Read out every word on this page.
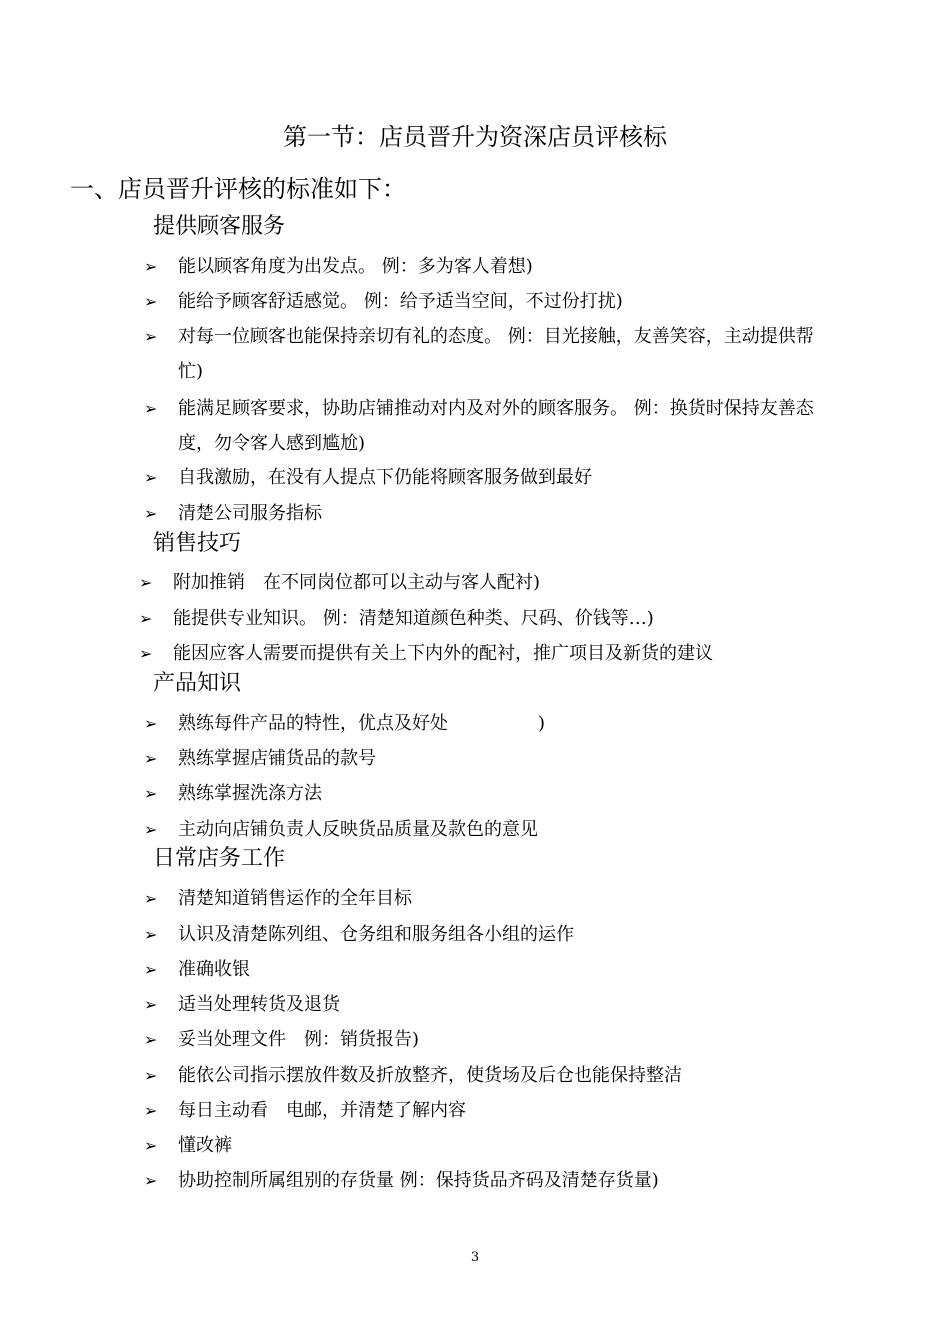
第一节：店员晋升为资深店员评核标
一、店员晋升评核的标准如下：
提供顾客服务
➢ 能以顾客角度为出发点。 例：多为客人着想)
➢ 能给予顾客舒适感觉。 例：给予适当空间，不过份打扰)
➢ 对每一位顾客也能保持亲切有礼的态度。 例：目光接触，友善笑容，主动提供帮
忙)
➢ 能满足顾客要求，协助店铺推动对内及对外的顾客服务。 例：换货时保持友善态
度，勿令客人感到尴尬)
➢ 自我激励，在没有人提点下仍能将顾客服务做到最好
➢ 清楚公司服务指标
销售技巧
➢ 附加推销　在不同岗位都可以主动与客人配衬)
➢ 能提供专业知识。 例：清楚知道颜色种类、尺码、价钱等…)
➢ 能因应客人需要而提供有关上下内外的配衬，推广项目及新货的建议
产品知识
➢ 熟练每件产品的特性，优点及好处　　　　　)
➢ 熟练掌握店铺货品的款号
➢ 熟练掌握洗涤方法
➢ 主动向店铺负责人反映货品质量及款色的意见
日常店务工作
➢ 清楚知道销售运作的全年目标
➢ 认识及清楚陈列组、仓务组和服务组各小组的运作
➢ 准确收银
➢ 适当处理转货及退货
➢ 妥当处理文件　例：销货报告)
➢ 能依公司指示摆放件数及折放整齐，使货场及后仓也能保持整洁
➢ 每日主动看　电邮，并清楚了解内容
➢ 懂改裤
➢ 协助控制所属组别的存货量 例：保持货品齐码及清楚存货量)
3
